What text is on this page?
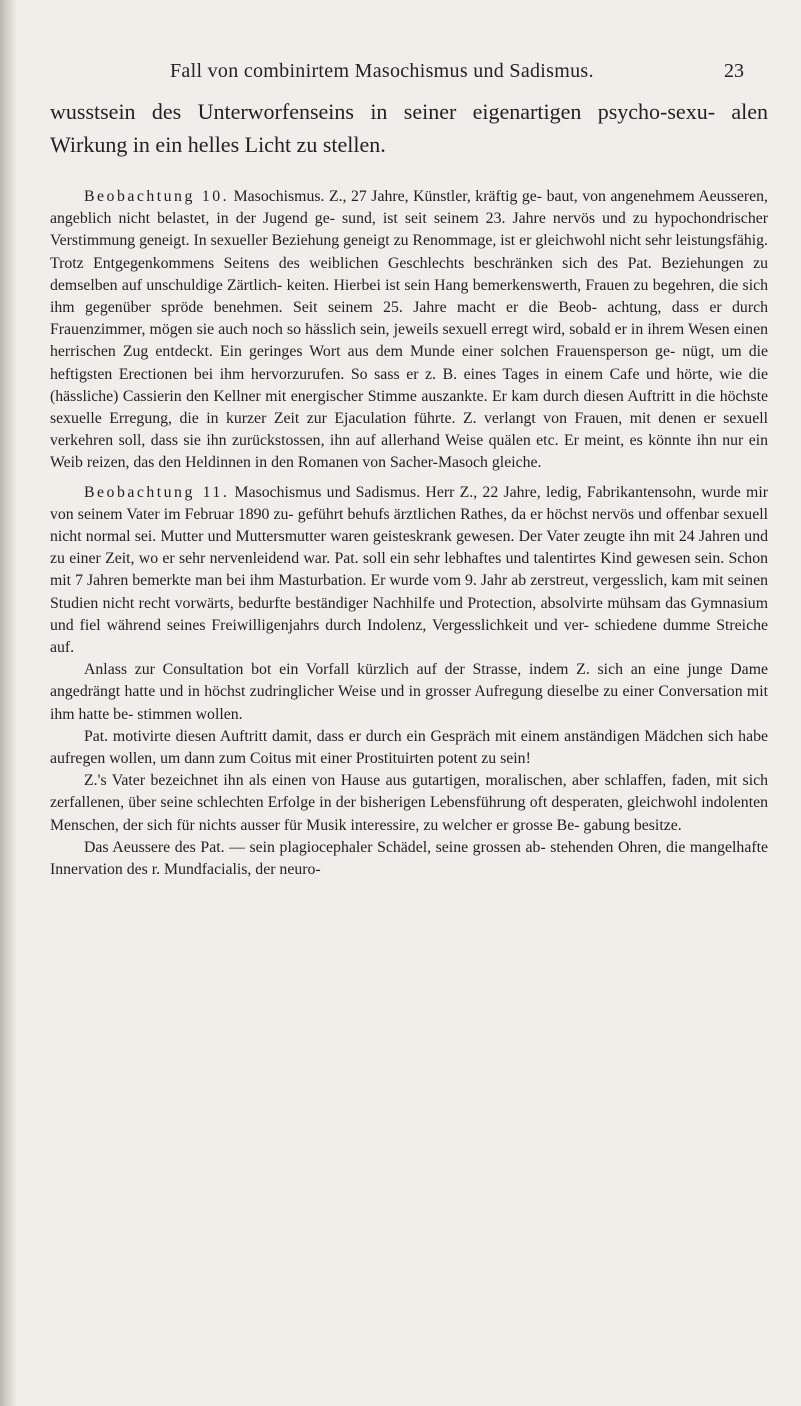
Fall von combinirtem Masochismus und Sadismus.	23

wusstsein des Unterworfenseins in seiner eigenartigen psycho-sexu- alen Wirkung in ein helles Licht zu stellen.

Beobachtung 10. Masochismus. Z., 27 Jahre, Künstler, kräftig ge- baut, von angenehmem Aeusseren, angeblich nicht belastet, in der Jugend ge- sund, ist seit seinem 23. Jahre nervös und zu hypochondrischer Verstimmung geneigt. In sexueller Beziehung geneigt zu Renommage, ist er gleichwohl nicht sehr leistungsfähig. Trotz Entgegenkommens Seitens des weiblichen Geschlechts beschränken sich des Pat. Beziehungen zu demselben auf unschuldige Zärtlich- keiten. Hierbei ist sein Hang bemerkenswerth, Frauen zu begehren, die sich ihm gegenüber spröde benehmen. Seit seinem 25. Jahre macht er die Beob- achtung, dass er durch Frauenzimmer, mögen sie auch noch so hässlich sein, jeweils sexuell erregt wird, sobald er in ihrem Wesen einen herrischen Zug entdeckt. Ein geringes Wort aus dem Munde einer solchen Frauensperson ge- nügt, um die heftigsten Erectionen bei ihm hervorzurufen. So sass er z. B. eines Tages in einem Cafe und hörte, wie die (hässliche) Cassierin den Kellner mit energischer Stimme auszankte. Er kam durch diesen Auftritt in die höchste sexuelle Erregung, die in kurzer Zeit zur Ejaculation führte. Z. verlangt von Frauen, mit denen er sexuell verkehren soll, dass sie ihn zurückstossen, ihn auf allerhand Weise quälen etc. Er meint, es könnte ihn nur ein Weib reizen, das den Heldinnen in den Romanen von Sacher-Masoch gleiche.

Beobachtung 11. Masochismus und Sadismus. Herr Z., 22 Jahre, ledig, Fabrikantensohn, wurde mir von seinem Vater im Februar 1890 zu- geführt behufs ärztlichen Rathes, da er höchst nervös und offenbar sexuell nicht normal sei. Mutter und Muttersmutter waren geisteskrank gewesen. Der Vater zeugte ihn mit 24 Jahren und zu einer Zeit, wo er sehr nervenleidend war. Pat. soll ein sehr lebhaftes und talentirtes Kind gewesen sein. Schon mit 7 Jahren bemerkte man bei ihm Masturbation. Er wurde vom 9. Jahr ab zerstreut, vergesslich, kam mit seinen Studien nicht recht vorwärts, bedurfte beständiger Nachhilfe und Protection, absolvirte mühsam das Gymnasium und fiel während seines Freiwilligenjahrs durch Indolenz, Vergesslichkeit und ver- schiedene dumme Streiche auf.

Anlass zur Consultation bot ein Vorfall kürzlich auf der Strasse, indem Z. sich an eine junge Dame angedrängt hatte und in höchst zudringlicher Weise und in grosser Aufregung dieselbe zu einer Conversation mit ihm hatte be- stimmen wollen.

Pat. motivirte diesen Auftritt damit, dass er durch ein Gespräch mit einem anständigen Mädchen sich habe aufregen wollen, um dann zum Coitus mit einer Prostituirten potent zu sein!

Z.'s Vater bezeichnet ihn als einen von Hause aus gutartigen, moralischen, aber schlaffen, faden, mit sich zerfallenen, über seine schlechten Erfolge in der bisherigen Lebensführung oft desperaten, gleichwohl indolenten Menschen, der sich für nichts ausser für Musik interessire, zu welcher er grosse Be- gabung besitze.

Das Aeussere des Pat. — sein plagiocephaler Schädel, seine grossen ab- stehenden Ohren, die mangelhafte Innervation des r. Mundfacialis, der neuro-
